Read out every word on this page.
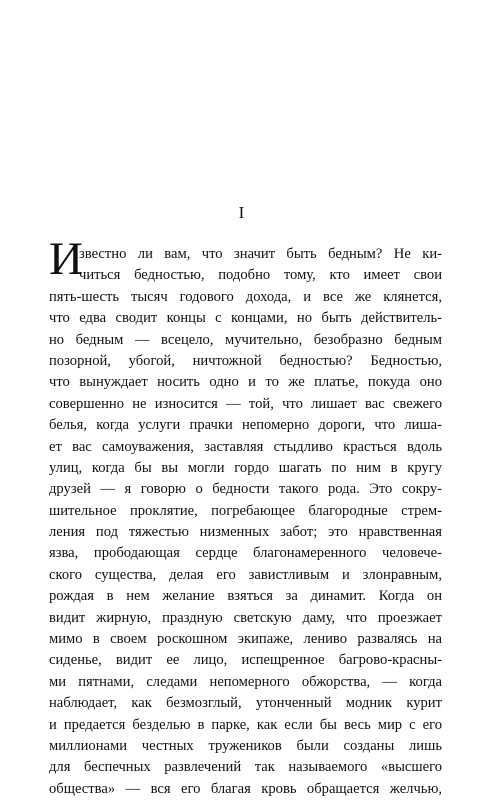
I
И
звестно ли вам, что значит быть бедным? Не ки-
читься бедностью, подобно тому, кто имеет свои
пять-шесть тысяч годового дохода, и все же клянется,
что едва сводит концы с концами, но быть действитель-
но бедным — всецело, мучительно, безобразно бедным
позорной, убогой, ничтожной бедностью? Бедностью,
что вынуждает носить одно и то же платье, покуда оно
совершенно не износится — той, что лишает вас свежего
белья, когда услуги прачки непомерно дороги, что лиша-
ет вас самоуважения, заставляя стыдливо красться вдоль
улиц, когда бы вы могли гордо шагать по ним в кругу
друзей — я говорю о бедности такого рода. Это сокру-
шительное проклятие, погребающее благородные стрем-
ления под тяжестью низменных забот; это нравственная
язва, прободающая сердце благонамеренного человече-
ского существа, делая его завистливым и злонравным,
рождая в нем желание взяться за динамит. Когда он
видит жирную, праздную светскую даму, что проезжает
мимо в своем роскошном экипаже, лениво развалясь на
сиденье, видит ее лицо, испещренное багрово-красны-
ми пятнами, следами непомерного обжорства, — когда
наблюдает, как безмозглый, утонченный модник курит
и предается безделью в парке, как если бы весь мир с его
миллионами честных тружеников были созданы лишь
для беспечных развлечений так называемого «высшего
общества» — вся его благая кровь обращается желчью,
